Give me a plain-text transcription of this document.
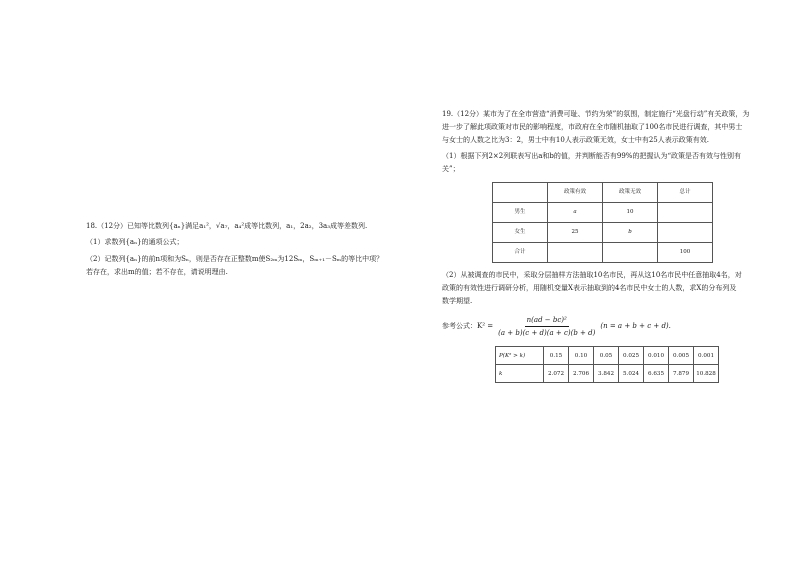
18.（12分）已知等比数列{aₙ}满足a₁²，√a₇，a₄²成等比数列，a₁，2a₂，3a₃成等差数列.

（1）求数列{aₙ}的通项公式；

（2）记数列{aₙ}的前n项和为Sₙ，则是否存在正整数m使S₂ₘ为12Sₘ，Sₘ₊₁－Sₘ的等比中项？

若存在，求出m的值；若不存在，请说明理由.

19.（12分）某市为了在全市营造“消费可耻、节约为荣”的氛围，制定施行“光盘行动”有关政策，为

进一步了解此项政策对市民的影响程度，市政府在全市随机抽取了100名市民进行调查，其中男士

与女士的人数之比为3：2，男士中有10人表示政策无效，女士中有25人表示政策有效.

（1）根据下列2×2列联表写出a和b的值，并判断能否有99%的把握认为“政策是否有效与性别有

关”；

	政策有效	政策无效	总计
男生	a	10	
女生	25	b	
合计			100

（2）从被调查的市民中，采取分层抽样方法抽取10名市民，再从这10名市民中任意抽取4名，对

政策的有效性进行调研分析，用随机变量X表示抽取到的4名市民中女士的人数，求X的分布列及

数学期望.

参考公式：$K^2 = \frac{\text{n(ad − bc)²}}{(a + b)(c + d)(a + c)(b + d)} (n = a + b + c + d)$.
P(K² > k)	0.15	0.10	0.05	0.025	0.010	0.005	0.001
k	2.072	2.706	3.842	5.024	6.635	7.879	10.828
